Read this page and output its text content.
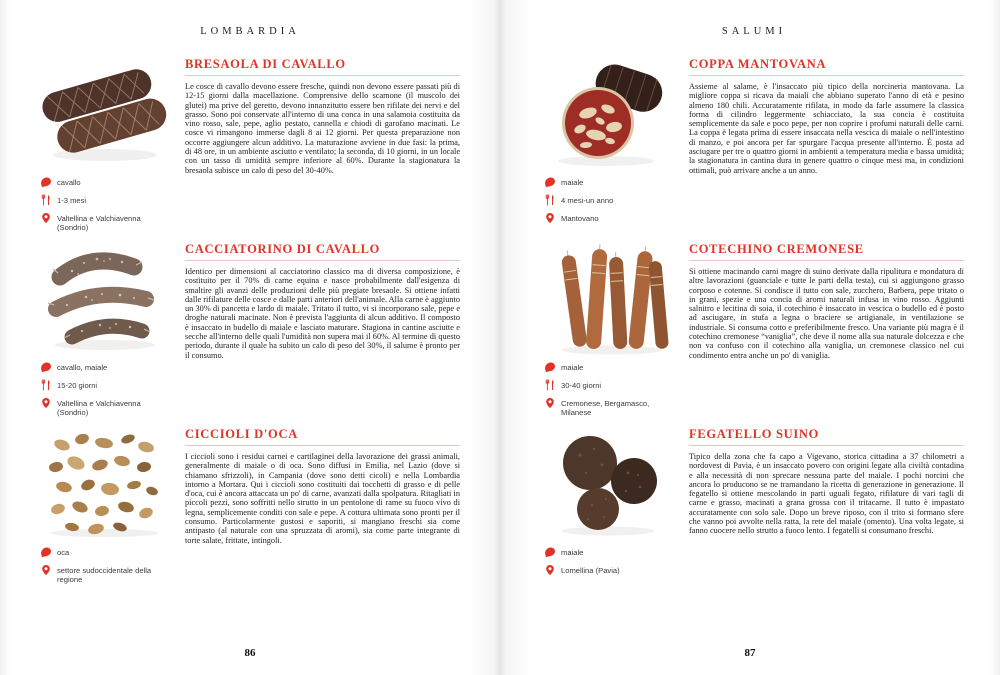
LOMBARDIA
cavallo
1-3 mesi
Valtellina e Valchiavenna (Sondrio)
BRESAOLA DI CAVALLO

Le cosce di cavallo devono essere fresche, quindi non devono essere passati più di 12-15 giorni dalla macellazione. Comprensive dello scamone (il muscolo dei glutei) ma prive del geretto, devono innanzitutto essere ben rifilate dei nervi e del grasso. Sono poi conservate all'interno di una conca in una salamoia costituita da vino rosso, sale, pepe, aglio pestato, cannella e chiodi di garofano macinati. Le cosce vi rimangono immerse dagli 8 ai 12 giorni. Per questa preparazione non occorre aggiungere alcun additivo. La maturazione avviene in due fasi: la prima, di 48 ore, in un ambiente asciutto e ventilato; la seconda, di 10 giorni, in un locale con un tasso di umidità sempre inferiore al 60%. Durante la stagionatura la bresaola subisce un calo di peso del 30-40%.

cavallo, maiale
15-20 giorni
Valtellina e Valchiavenna (Sondrio)
CACCIATORINO DI CAVALLO

Identico per dimensioni al cacciatorino classico ma di diversa composizione, è costituito per il 70% di carne equina e nasce probabilmente dall'esigenza di smaltire gli avanzi delle produzioni delle più pregiate bresaole. Si ottiene infatti dalle rifilature delle cosce e dalle parti anteriori dell'animale. Alla carne è aggiunto un 30% di pancetta e lardo di maiale. Tritato il tutto, vi si incorporano sale, pepe e droghe naturali macinate. Non è prevista l'aggiunta di alcun additivo. Il composto è insaccato in budello di maiale e lasciato maturare. Stagiona in cantine asciutte e secche all'interno delle quali l'umidità non supera mai il 60%. Al termine di questo periodo, durante il quale ha subito un calo di peso del 30%, il salume è pronto per il consumo.

oca
settore sudoccidentale della regione
CICCIOLI D'OCA

I ciccioli sono i residui carnei e cartilaginei della lavorazione dei grassi animali, generalmente di maiale o di oca. Sono diffusi in Emilia, nel Lazio (dove si chiamano sfrizzoli), in Campania (dove sono detti cicoli) e nella Lombardia intorno a Mortara. Qui i ciccioli sono costituiti dai tocchetti di grasso e di pelle d'oca, cui è ancora attaccata un po' di carne, avanzati dalla spolpatura. Ritagliati in piccoli pezzi, sono soffritti nello strutto in un pentolone di rame su fuoco vivo di legna, semplicemente conditi con sale e pepe. A cottura ultimata sono pronti per il consumo. Particolarmente gustosi e saporiti, si mangiano freschi sia come antipasto (al naturale con una spruzzata di aromi), sia come parte integrante di torte salate, frittate, intingoli.

86
SALUMI
maiale
4 mesi-un anno
Mantovano
COPPA MANTOVANA

Assieme al salame, è l'insaccato più tipico della norcineria mantovana. La migliore coppa si ricava da maiali che abbiano superato l'anno di età e pesino almeno 180 chili. Accuratamente rifilata, in modo da farle assumere la classica forma di cilindro leggermente schiacciato, la sua concia è costituita semplicemente da sale e poco pepe, per non coprire i profumi naturali delle carni. La coppa è legata prima di essere insaccata nella vescica di maiale o nell'intestino di manzo, e poi ancora per far spurgare l'acqua presente all'interno. È posta ad asciugare per tre o quattro giorni in ambienti a temperatura media e bassa umidità; la stagionatura in cantina dura in genere quattro o cinque mesi ma, in condizioni ottimali, può arrivare anche a un anno.

maiale
30-40 giorni
Cremonese, Bergamasco, Milanese
COTECHINO CREMONESE

Si ottiene macinando carni magre di suino derivate dalla ripulitura e mondatura di altre lavorazioni (guanciale e tutte le parti della testa), cui si aggiungono grasso corposo e cotenne. Si condisce il tutto con sale, zucchero, Barbera, pepe tritato o in grani, spezie e una concia di aromi naturali infusa in vino rosso. Aggiunti salnitro e lecitina di soia, il cotechino è insaccato in vescica o budello ed è posto ad asciugare, in stufa a legna o braciere se artigianale, in ventilazione se industriale. Si consuma cotto e preferibilmente fresco. Una variante più magra è il cotechino cremonese “vaniglia”, che deve il nome alla sua naturale dolcezza e che non va confuso con il cotechino alla vaniglia, un cremonese classico nel cui condimento entra anche un po' di vaniglia.

maiale
Lomellina (Pavia)
FEGATELLO SUINO

Tipico della zona che fa capo a Vigevano, storica cittadina a 37 chilometri a nordovest di Pavia, è un insaccato povero con origini legate alla civiltà contadina e alla necessità di non sprecare nessuna parte del maiale. I pochi norcini che ancora lo producono se ne tramandano la ricetta di generazione in generazione. Il fegatello si ottiene mescolando in parti uguali fegato, rifilature di vari tagli di carne e grasso, macinati a grana grossa con il tritacarne. Il tutto è impastato accuratamente con solo sale. Dopo un breve riposo, con il trito si formano sfere che vanno poi avvolte nella ratta, la rete del maiale (omento). Una volta legate, si fanno cuocere nello strutto a fuoco lento. I fegatelli si consumano freschi.

87
